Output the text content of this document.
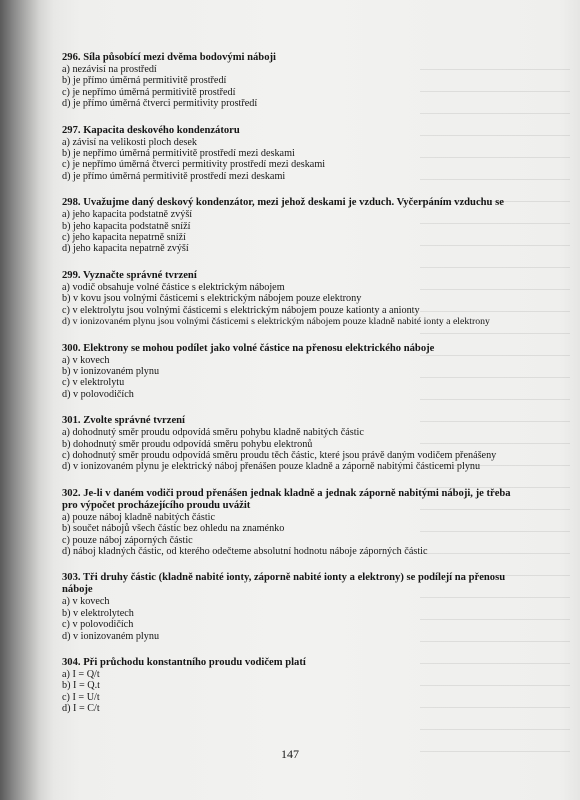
296. Síla působící mezi dvěma bodovými náboji
a) nezávisí na prostředí
b) je přímo úměrná permitivitě prostředí
c) je nepřímo úměrná permitivitě prostředí
d) je přímo úměrná čtverci permitivity prostředí
297. Kapacita deskového kondenzátoru
a) závisí na velikosti ploch desek
b) je nepřímo úměrná permitivitě prostředí mezi deskami
c) je nepřímo úměrná čtverci permitivity prostředí mezi deskami
d) je přímo úměrná permitivitě prostředí mezi deskami
298. Uvažujme daný deskový kondenzátor, mezi jehož deskami je vzduch. Vyčerpáním vzduchu se
a) jeho kapacita podstatně zvýší
b) jeho kapacita podstatně sníží
c) jeho kapacita nepatrně sníží
d) jeho kapacita nepatrně zvýší
299. Vyznačte správné tvrzení
a) vodič obsahuje volné částice s elektrickým nábojem
b) v kovu jsou volnými částicemi s elektrickým nábojem pouze elektrony
c) v elektrolytu jsou volnými částicemi s elektrickým nábojem pouze kationty a anionty
d) v ionizovaném plynu jsou volnými částicemi s elektrickým nábojem pouze kladně nabité ionty a elektrony
300. Elektrony se mohou podílet jako volné částice na přenosu elektrického náboje
a) v kovech
b) v ionizovaném plynu
c) v elektrolytu
d) v polovodičích
301. Zvolte správné tvrzení
a) dohodnutý směr proudu odpovídá směru pohybu kladně nabitých částic
b) dohodnutý směr proudu odpovídá směru pohybu elektronů
c) dohodnutý směr proudu odpovídá směru proudu těch částic, které jsou právě daným vodičem přenášeny
d) v ionizovaném plynu je elektrický náboj přenášen pouze kladně a záporně nabitými částicemi plynu
302. Je-li v daném vodiči proud přenášen jednak kladně a jednak záporně nabitými náboji, je třeba pro výpočet procházejícího proudu uvážit
a) pouze náboj kladně nabitých částic
b) součet nábojů všech částic bez ohledu na znaménko
c) pouze náboj záporných částic
d) náboj kladných částic, od kterého odečteme absolutní hodnotu náboje záporných částic
303. Tři druhy částic (kladně nabité ionty, záporně nabité ionty a elektrony) se podílejí na přenosu náboje
a) v kovech
b) v elektrolytech
c) v polovodičích
d) v ionizovaném plynu
304. Při průchodu konstantního proudu vodičem platí
a) I = Q/t
b) I = Q.t
c) I = U/t
d) I = C/t
147
